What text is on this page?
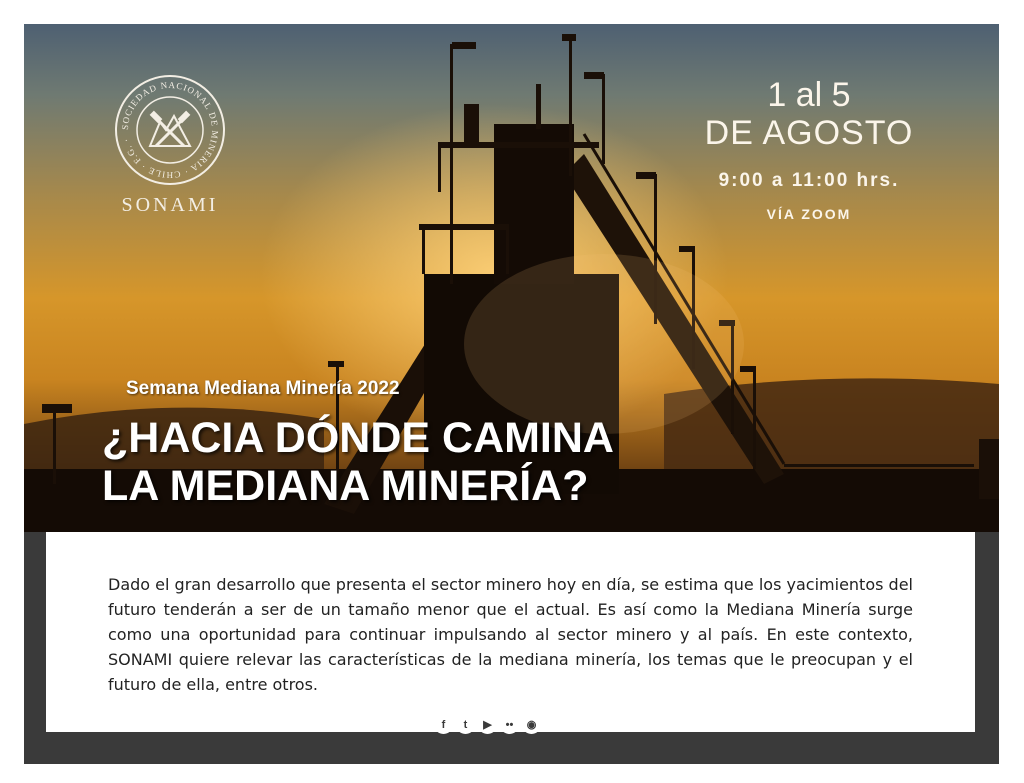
SOCIEDAD NACIONAL DE MINERIA · CHILE · F.G. ·
SONAMI
1 al 5
DE AGOSTO
9:00 a 11:00 hrs.
VÍA ZOOM
Semana Mediana Minería 2022
¿HACIA DÓNDE CAMINA
LA MEDIANA MINERÍA?
Dado el gran desarrollo que presenta el sector minero hoy en día, se estima que los yacimientos del futuro tenderán a ser de un tamaño menor que el actual. Es así como la Mediana Minería surge como una oportunidad para continuar impulsando al sector minero y al país. En este contexto, SONAMI quiere relevar las características de la mediana minería, los temas que le preocupan y el futuro de ella, entre otros.
f	t	▶	••	◉
